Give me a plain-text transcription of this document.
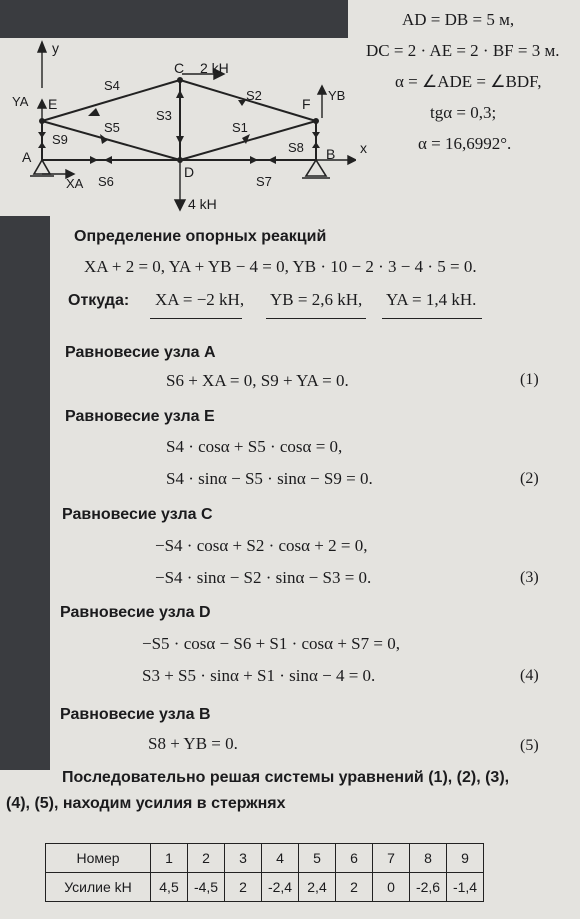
AD = DB = 5 м,
DC = 2 · AE = 2 · BF = 3 м.
α = ∠ADE = ∠BDF,
tgα = 0,3;
α = 16,6992°.
y
x
C 2 kH
E
A
D
F
B
YA
XA
YB
S1
S2
S3
S4
S5
S6	S7
S8
S9
4 kH
Определение опорных реакций
XA + 2 = 0, YA + YB − 4 = 0, YB · 10 − 2 · 3 − 4 · 5 = 0.
Откуда: XA = −2 kH, YB = 2,6 kH, YA = 1,4 kH.
Равновесие узла A
S6 + XA = 0, S9 + YA = 0.	(1)
Равновесие узла E
S4 · cosα + S5 · cosα = 0,
S4 · sinα − S5 · sinα − S9 = 0.	(2)
Равновесие узла C
−S4 · cosα + S2 · cosα + 2 = 0,
−S4 · sinα − S2 · sinα − S3 = 0.	(3)
Равновесие узла D
−S5 · cosα − S6 + S1 · cosα + S7 = 0,
S3 + S5 · sinα + S1 · sinα − 4 = 0.	(4)
Равновесие узла B
S8 + YB = 0.	(5)
Последовательно решая системы уравнений (1), (2), (3),
(4), (5), находим усилия в стержнях
Номер	1	2	3	4	5	6	7	8	9
Усилие kH	4,5	-4,5	2	-2,4	2,4	2	0	-2,6	-1,4
